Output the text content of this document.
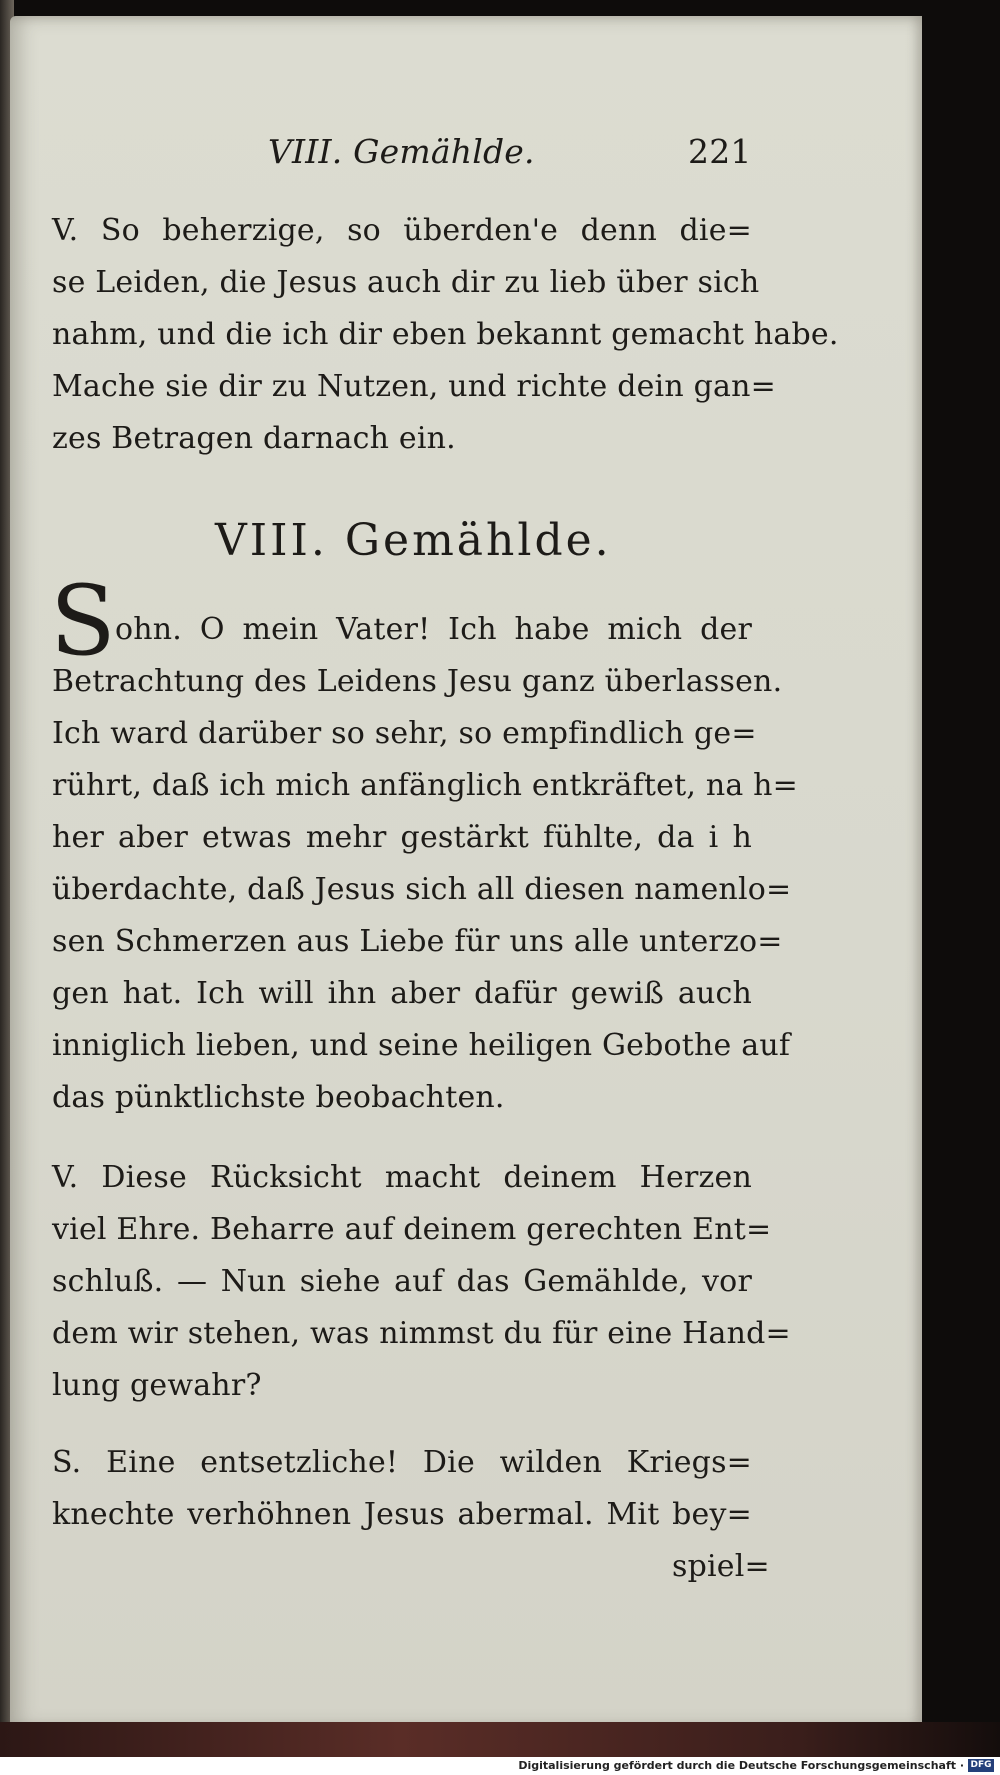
VIII. Gemählde.	221
V. So beherzige, so überden'e denn die=
se Leiden, die Jesus auch dir zu lieb über sich
nahm, und die ich dir eben bekannt gemacht habe.
Mache sie dir zu Nutzen, und richte dein gan=
zes Betragen darnach ein.
VIII. Gemählde.
S ohn. O mein Vater! Ich habe mich der
Betrachtung des Leidens Jesu ganz überlassen.
Ich ward darüber so sehr, so empfindlich ge=
rührt, daß ich mich anfänglich entkräftet, na h=
her aber etwas mehr gestärkt fühlte, da i h
überdachte, daß Jesus sich all diesen namenlo=
sen Schmerzen aus Liebe für uns alle unterzo=
gen hat. Ich will ihn aber dafür gewiß auch
inniglich lieben, und seine heiligen Gebothe auf
das pünktlichste beobachten.
V. Diese Rücksicht macht deinem Herzen
viel Ehre. Beharre auf deinem gerechten Ent=
schluß. — Nun siehe auf das Gemählde, vor
dem wir stehen, was nimmst du für eine Hand=
lung gewahr?
S. Eine entsetzliche! Die wilden Kriegs=
knechte verhöhnen Jesus abermal. Mit bey=
spiel=
Digitalisierung gefördert durch die Deutsche Forschungsgemeinschaft · DFG
